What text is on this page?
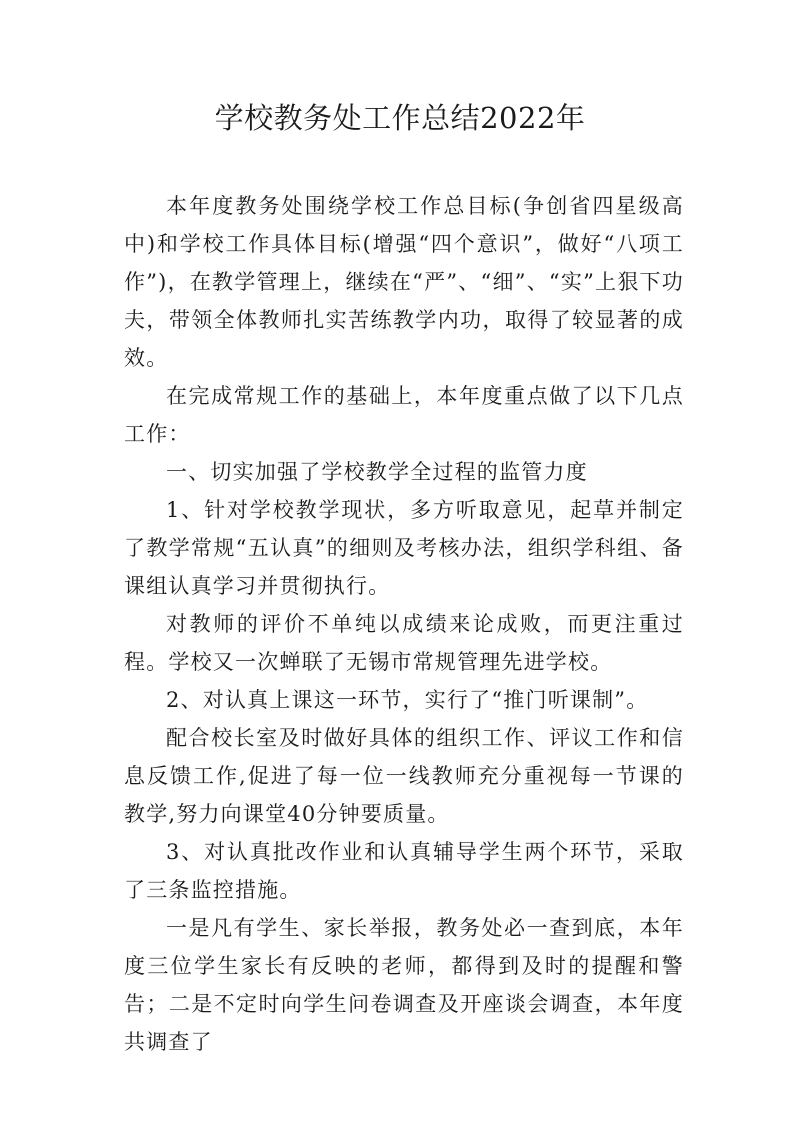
学校教务处工作总结2022年

本年度教务处围绕学校工作总目标(争创省四星级高中)和学校工作具体目标(增强“四个意识”，做好“八项工作”)，在教学管理上，继续在“严”、“细”、“实”上狠下功夫，带领全体教师扎实苦练教学内功，取得了较显著的成效。

在完成常规工作的基础上，本年度重点做了以下几点工作：

一、切实加强了学校教学全过程的监管力度

1、针对学校教学现状，多方听取意见，起草并制定了教学常规“五认真”的细则及考核办法，组织学科组、备课组认真学习并贯彻执行。

对教师的评价不单纯以成绩来论成败，而更注重过程。学校又一次蝉联了无锡市常规管理先进学校。

2、对认真上课这一环节，实行了“推门听课制”。

配合校长室及时做好具体的组织工作、评议工作和信息反馈工作,促进了每一位一线教师充分重视每一节课的教学,努力向课堂40分钟要质量。

3、对认真批改作业和认真辅导学生两个环节，采取了三条监控措施。

一是凡有学生、家长举报，教务处必一查到底，本年度三位学生家长有反映的老师，都得到及时的提醒和警告；二是不定时向学生问卷调查及开座谈会调查，本年度共调查了
